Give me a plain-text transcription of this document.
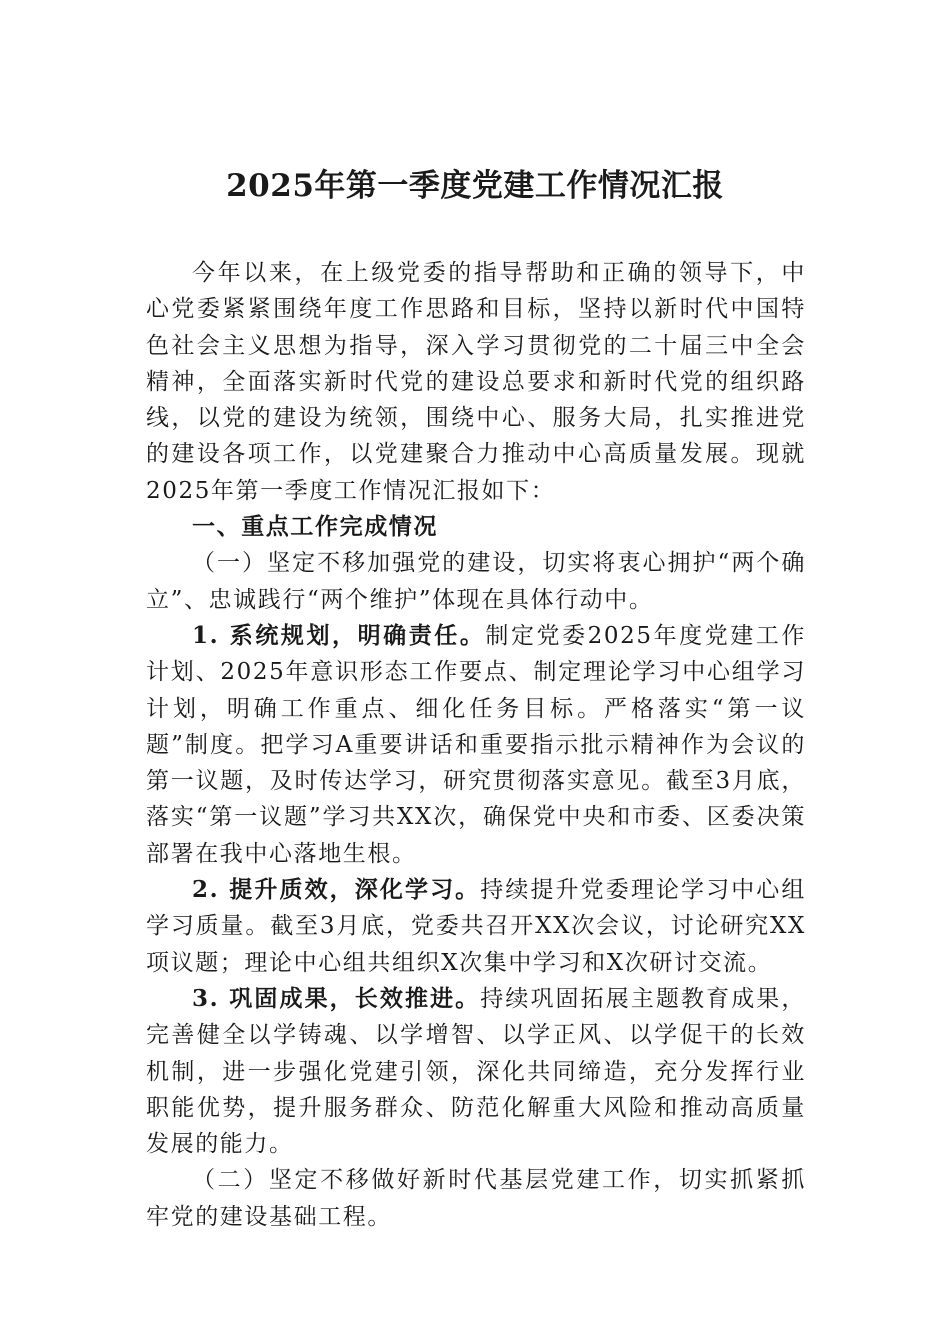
2025年第一季度党建工作情况汇报

今年以来，在上级党委的指导帮助和正确的领导下，中心党委紧紧围绕年度工作思路和目标，坚持以新时代中国特色社会主义思想为指导，深入学习贯彻党的二十届三中全会精神，全面落实新时代党的建设总要求和新时代党的组织路线，以党的建设为统领，围绕中心、服务大局，扎实推进党的建设各项工作，以党建聚合力推动中心高质量发展。现就2025年第一季度工作情况汇报如下：

一、重点工作完成情况

（一）坚定不移加强党的建设，切实将衷心拥护“两个确立”、忠诚践行“两个维护”体现在具体行动中。

1. 系统规划，明确责任。制定党委2025年度党建工作计划、2025年意识形态工作要点、制定理论学习中心组学习计划，明确工作重点、细化任务目标。严格落实“第一议题”制度。把学习A重要讲话和重要指示批示精神作为会议的第一议题，及时传达学习，研究贯彻落实意见。截至3月底，落实“第一议题”学习共XX次，确保党中央和市委、区委决策部署在我中心落地生根。

2. 提升质效，深化学习。持续提升党委理论学习中心组学习质量。截至3月底，党委共召开XX次会议，讨论研究XX项议题；理论中心组共组织X次集中学习和X次研讨交流。

3. 巩固成果，长效推进。持续巩固拓展主题教育成果，完善健全以学铸魂、以学增智、以学正风、以学促干的长效机制，进一步强化党建引领，深化共同缔造，充分发挥行业职能优势，提升服务群众、防范化解重大风险和推动高质量发展的能力。

（二）坚定不移做好新时代基层党建工作，切实抓紧抓牢党的建设基础工程。
